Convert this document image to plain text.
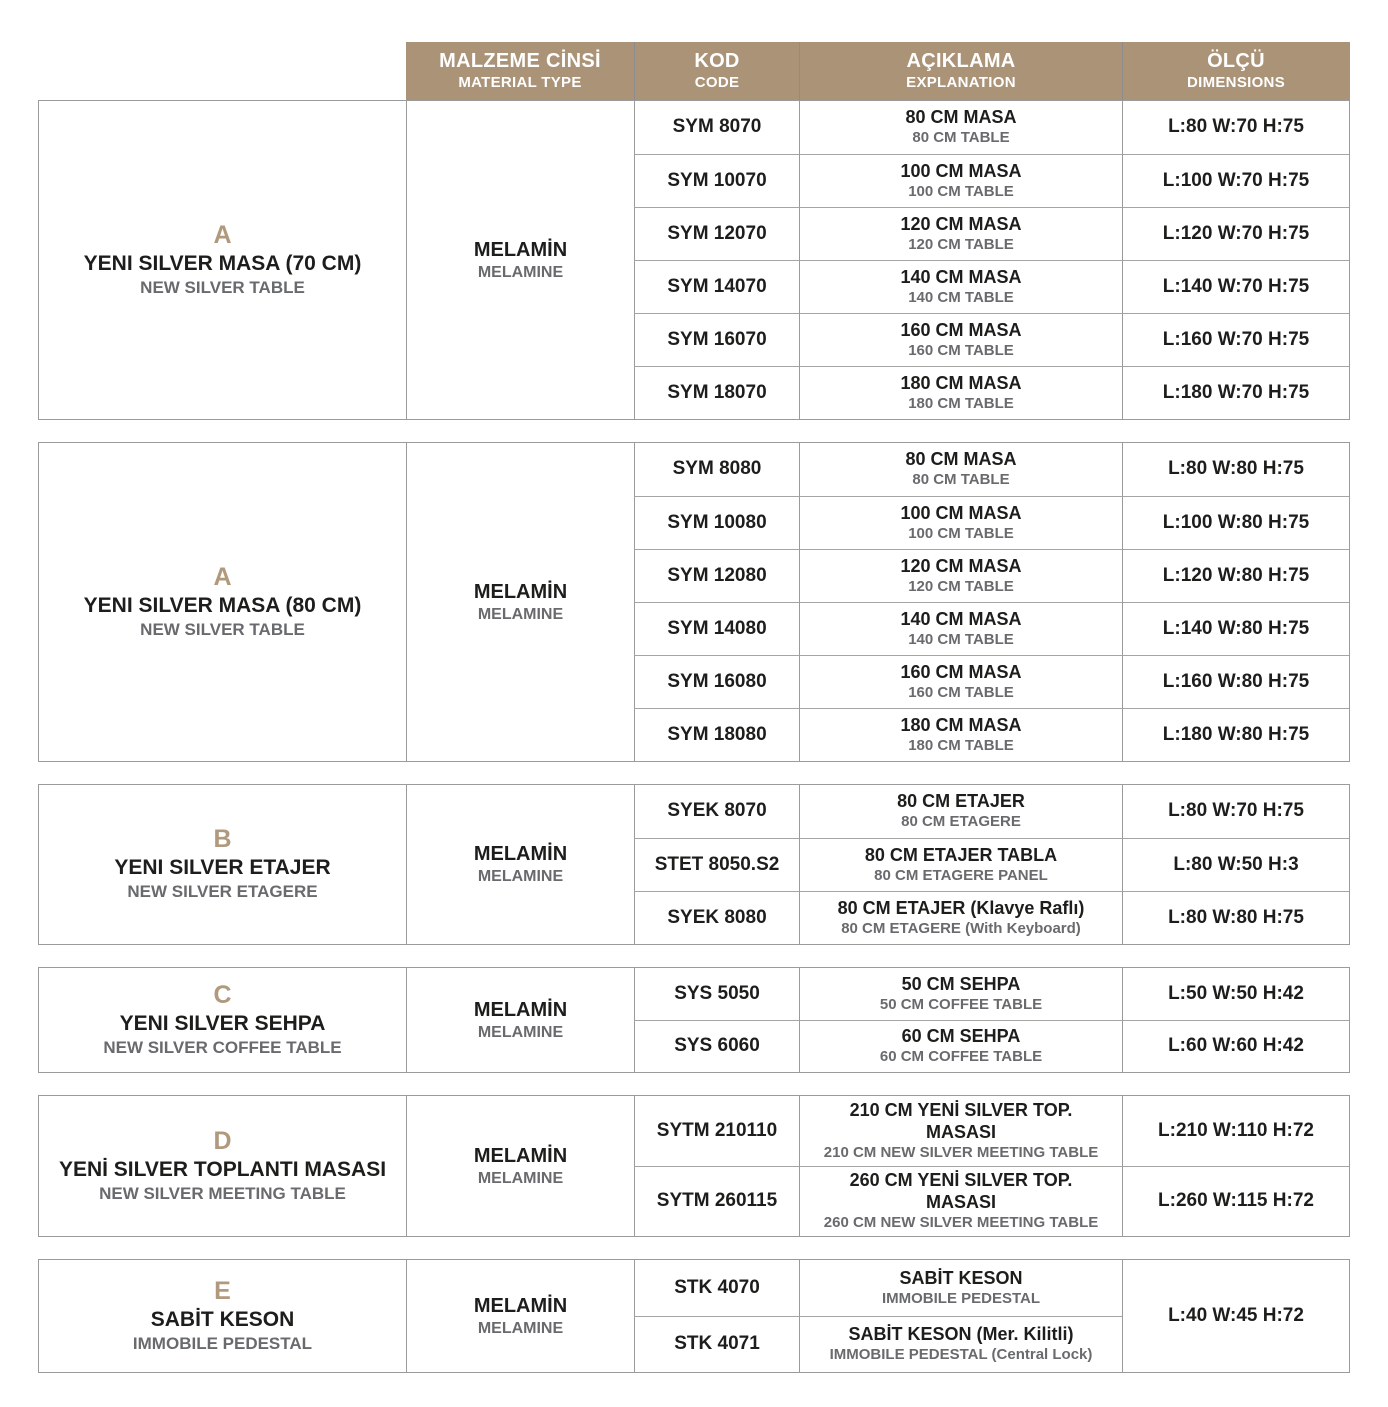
MALZEME CİNSİ
MATERIAL TYPE
KOD
CODE
AÇIKLAMA
EXPLANATION
ÖLÇÜ
DIMENSIONS
A
YENI SILVER MASA (70 CM)
NEW SILVER TABLE
MELAMİN
MELAMINE
SYM 8070	80 CM MASA
80 CM TABLE
L:80 W:70 H:75
SYM 10070	100 CM MASA
100 CM TABLE
L:100 W:70 H:75
SYM 12070	120 CM MASA
120 CM TABLE
L:120 W:70 H:75
SYM 14070	140 CM MASA
140 CM TABLE
L:140 W:70 H:75
SYM 16070	160 CM MASA
160 CM TABLE
L:160 W:70 H:75
SYM 18070	180 CM MASA
180 CM TABLE
L:180 W:70 H:75
A
YENI SILVER MASA (80 CM)
NEW SILVER TABLE
MELAMİN
MELAMINE
SYM 8080	80 CM MASA
80 CM TABLE
L:80 W:80 H:75
SYM 10080	100 CM MASA
100 CM TABLE
L:100 W:80 H:75
SYM 12080	120 CM MASA
120 CM TABLE
L:120 W:80 H:75
SYM 14080	140 CM MASA
140 CM TABLE
L:140 W:80 H:75
SYM 16080	160 CM MASA
160 CM TABLE
L:160 W:80 H:75
SYM 18080	180 CM MASA
180 CM TABLE
L:180 W:80 H:75
B
YENI SILVER ETAJER
NEW SILVER ETAGERE
MELAMİN
MELAMINE
SYEK 8070	80 CM ETAJER
80 CM ETAGERE
L:80 W:70 H:75
STET 8050.S2	80 CM ETAJER TABLA
80 CM ETAGERE PANEL
L:80 W:50 H:3
SYEK 8080	80 CM ETAJER (Klavye Raflı)
80 CM ETAGERE (With Keyboard)
L:80 W:80 H:75
C
YENI SILVER SEHPA
NEW SILVER COFFEE TABLE
MELAMİN
MELAMINE
SYS 5050	50 CM SEHPA
50 CM COFFEE TABLE
L:50 W:50 H:42
SYS 6060	60 CM SEHPA
60 CM COFFEE TABLE
L:60 W:60 H:42
D
YENİ SILVER TOPLANTI MASASI
NEW SILVER MEETING TABLE
MELAMİN
MELAMINE
SYTM 210110
210 CM YENİ SILVER TOP.
MASASI
210 CM NEW SILVER MEETING TABLE
L:210 W:110 H:72
SYTM 260115
260 CM YENİ SILVER TOP.
MASASI
260 CM NEW SILVER MEETING TABLE
L:260 W:115 H:72
E
SABİT KESON
IMMOBILE PEDESTAL
MELAMİN
MELAMINE
STK 4070	SABİT KESON
IMMOBILE PEDESTAL
STK 4071	SABİT KESON (Mer. Kilitli)
IMMOBILE PEDESTAL (Central Lock)
L:40 W:45 H:72
